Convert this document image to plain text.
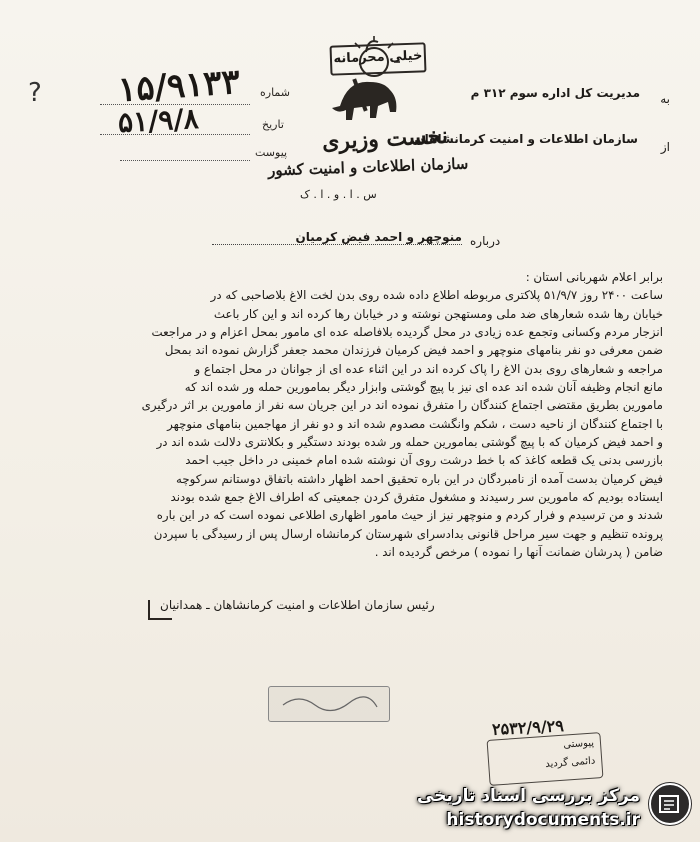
شماره
تاریخ
پیوست
۱۵/۹۱۳۳
۵۱/۹/۸
?
خیلی محرمانه
نخست وزیری
سازمان اطلاعات و امنیت کشور
س . ا . و . ا . ک
به
مدیریت کل اداره سوم ۳۱۲ م
از
سازمان اطلاعات و امنیت کرمانشاهان
درباره
منوچهر و احمد فیض کرمیان

برابر اعلام شهربانی استان :

ساعت ۲۴۰۰ روز ۵۱/۹/۷ پلاکتری مربوطه اطلاع داده شده روی بدن لخت الاغ بلاصاحبی که در

خیابان رها شده شعارهای ضد ملی ومستهجن نوشته و در خیابان رها کرده اند و این کار باعث

انزجار مردم وکسانی وتجمع عده زیادی در محل گردیده بلافاصله عده ای مامور بمحل اعزام و در مراجعت

ضمن معرفی دو نفر بنامهای منوچهر و احمد فیض کرمیان فرزندان محمد جعفر گزارش نموده اند بمحل

مراجعه و شعارهای روی بدن الاغ را پاک کرده اند در این اثناء عده ای از جوانان در محل اجتماع و

مانع انجام وظیفه آنان شده اند عده ای نیز با پیچ گوشتی وابزار دیگر بمامورین حمله ور شده اند که

مامورین بطریق مقتضی اجتماع کنندگان را متفرق نموده اند در این جریان سه نفر از مامورین بر اثر درگیری

با اجتماع کنندگان از ناحیه دست ، شکم وانگشت مصدوم شده اند و دو نفر از مهاجمین بنامهای منوچهر

و احمد فیض کرمیان که با پیچ گوشتی بمامورین حمله ور شده بودند دستگیر و بکلانتری دلالت شده اند در

بازرسی بدنی یک قطعه کاغذ که با خط درشت روی آن نوشته شده امام خمینی در داخل جیب احمد

فیض کرمیان بدست آمده از نامبردگان در این باره تحقیق احمد اظهار داشته باتفاق دوستانم سرکوچه

ایستاده بودیم که مامورین سر رسیدند و مشغول متفرق کردن جمعیتی که اطراف الاغ جمع شده بودند

شدند و من ترسیدم و فرار کردم و منوچهر نیز از حیث مامور اظهاری اطلاعی نموده است که در این باره

پرونده تنظیم و جهت سیر مراحل قانونی بدادسرای شهرستان کرمانشاه ارسال پس از رسیدگی با سپردن

ضامن ( پدرشان ضمانت آنها را نموده ) مرخص گردیده اند .

رئیس سازمان اطلاعات و امنیت کرمانشاهان ـ همدانیان
پیوستی
دائمی گردید
۲۵۳۲/۹/۲۹
مرکز بررسی اسناد تاریخی
historydocuments.ir
